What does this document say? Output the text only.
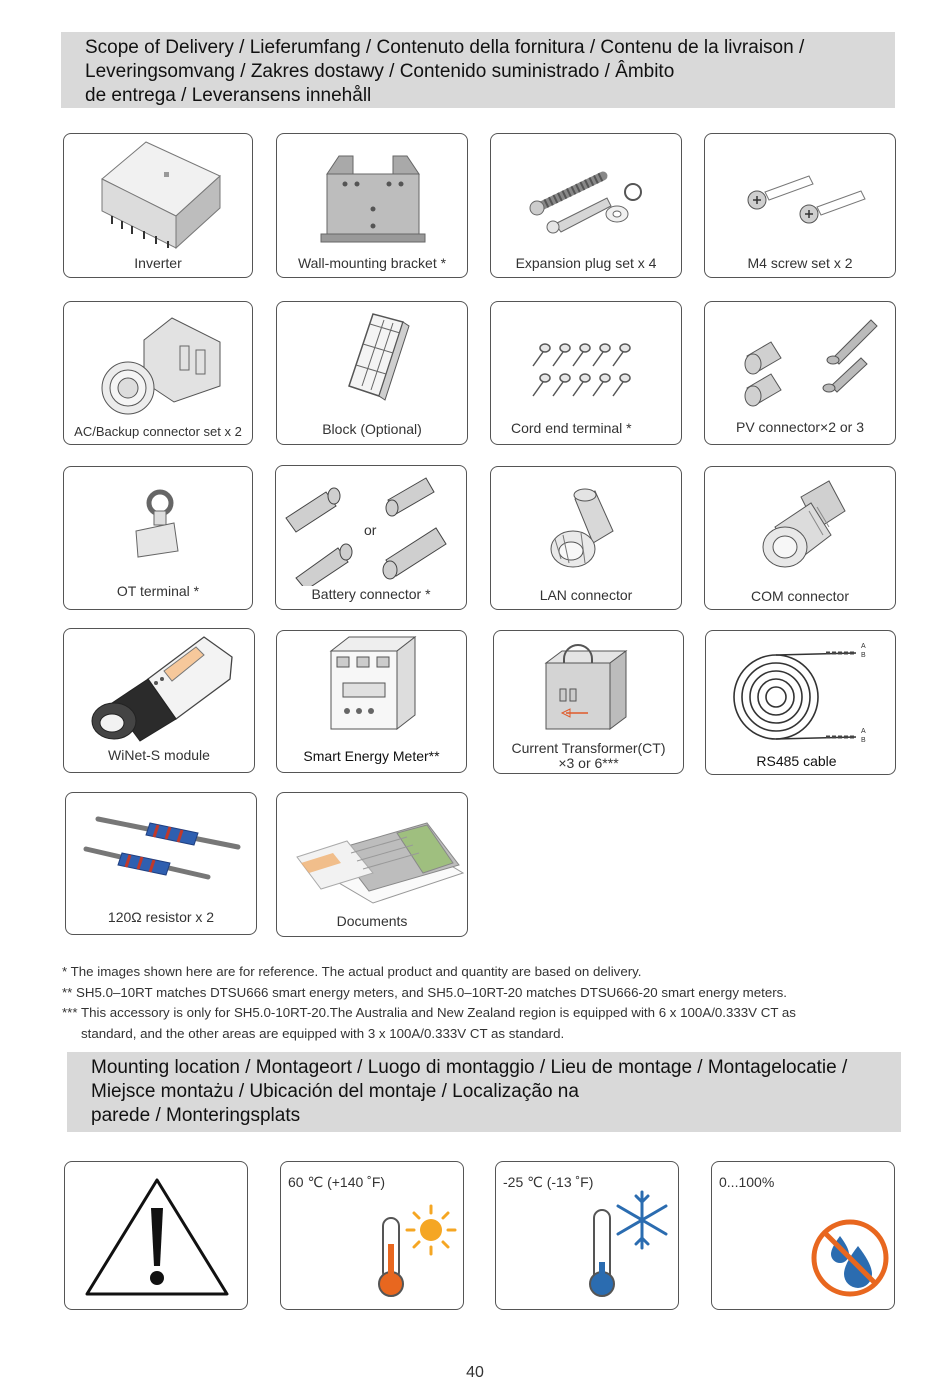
Scope of Delivery / Lieferumfang / Contenuto della fornitura / Contenu de la livraison /
Leveringsomvang / Zakres dostawy / Contenido suministrado / Âmbito
de entrega / Leveransens innehåll
Inverter	Wall-mounting bracket *	Expansion plug set x 4	M4 screw set x 2
AC/Backup connector set x 2	Block (Optional)	Cord end terminal *	PV connector×2 or 3
OT terminal *
or
Battery connector *	LAN connector	COM connector
WiNet-S module	Smart Energy Meter**	Current Transformer(CT)
×3 or 6***
A
B
A
B
RS485 cable
120Ω resistor x 2	Documents
* The images shown here are for reference. The actual product and quantity are based on delivery.
** SH5.0–10RT matches DTSU666 smart energy meters, and SH5.0–10RT-20 matches DTSU666-20 smart energy meters.
*** This accessory is only for SH5.0-10RT-20.The Australia and New Zealand region is equipped with 6 x 100A/0.333V CT as
standard, and the other areas are equipped with 3 x 100A/0.333V CT as standard.
Mounting location / Montageort / Luogo di montaggio / Lieu de montage / Montagelocatie /
Miejsce montażu / Ubicación del montaje / Localização na
parede / Monteringsplats
60 ℃ (+140 ˚F)	-25 ℃ (-13 ˚F)	0...100%
40
